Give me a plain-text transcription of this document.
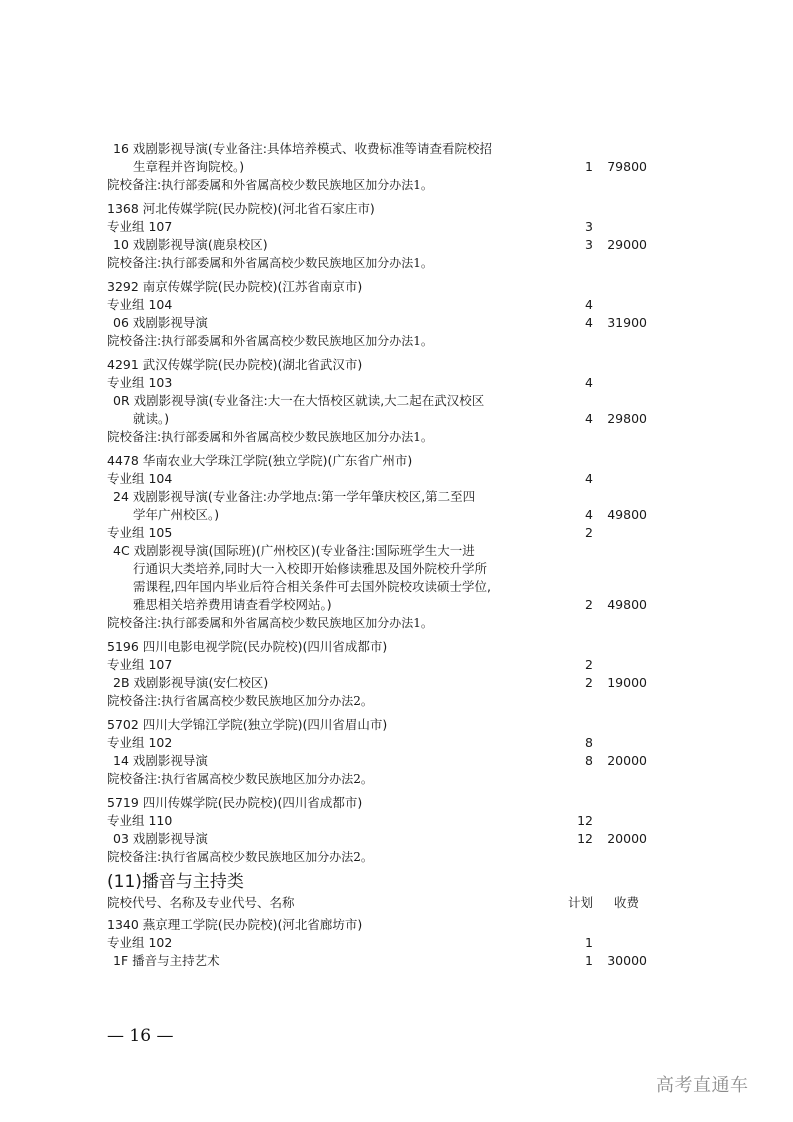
16 戏剧影视导演(专业备注:具体培养模式、收费标准等请查看院校招
生章程并咨询院校。)	1	79800
院校备注:执行部委属和外省属高校少数民族地区加分办法1。
1368 河北传媒学院(民办院校)(河北省石家庄市)
专业组 107	3
10 戏剧影视导演(鹿泉校区)	3	29000
院校备注:执行部委属和外省属高校少数民族地区加分办法1。
3292 南京传媒学院(民办院校)(江苏省南京市)
专业组 104	4
06 戏剧影视导演	4	31900
院校备注:执行部委属和外省属高校少数民族地区加分办法1。
4291 武汉传媒学院(民办院校)(湖北省武汉市)
专业组 103	4
0R 戏剧影视导演(专业备注:大一在大悟校区就读,大二起在武汉校区
就读。)	4	29800
院校备注:执行部委属和外省属高校少数民族地区加分办法1。
4478 华南农业大学珠江学院(独立学院)(广东省广州市)
专业组 104	4
24 戏剧影视导演(专业备注:办学地点:第一学年肇庆校区,第二至四
学年广州校区。)	4	49800
专业组 105	2
4C 戏剧影视导演(国际班)(广州校区)(专业备注:国际班学生大一进
行通识大类培养,同时大一入校即开始修读雅思及国外院校升学所
需课程,四年国内毕业后符合相关条件可去国外院校攻读硕士学位,
雅思相关培养费用请查看学校网站。)	2	49800
院校备注:执行部委属和外省属高校少数民族地区加分办法1。
5196 四川电影电视学院(民办院校)(四川省成都市)
专业组 107	2
2B 戏剧影视导演(安仁校区)	2	19000
院校备注:执行省属高校少数民族地区加分办法2。
5702 四川大学锦江学院(独立学院)(四川省眉山市)
专业组 102	8
14 戏剧影视导演	8	20000
院校备注:执行省属高校少数民族地区加分办法2。
5719 四川传媒学院(民办院校)(四川省成都市)
专业组 110	12
03 戏剧影视导演	12	20000
院校备注:执行省属高校少数民族地区加分办法2。
(11)播音与主持类
院校代号、名称及专业代号、名称	计划	收费
1340 燕京理工学院(民办院校)(河北省廊坊市)
专业组 102	1
1F 播音与主持艺术	1	30000
— 16 —
高考直通车
